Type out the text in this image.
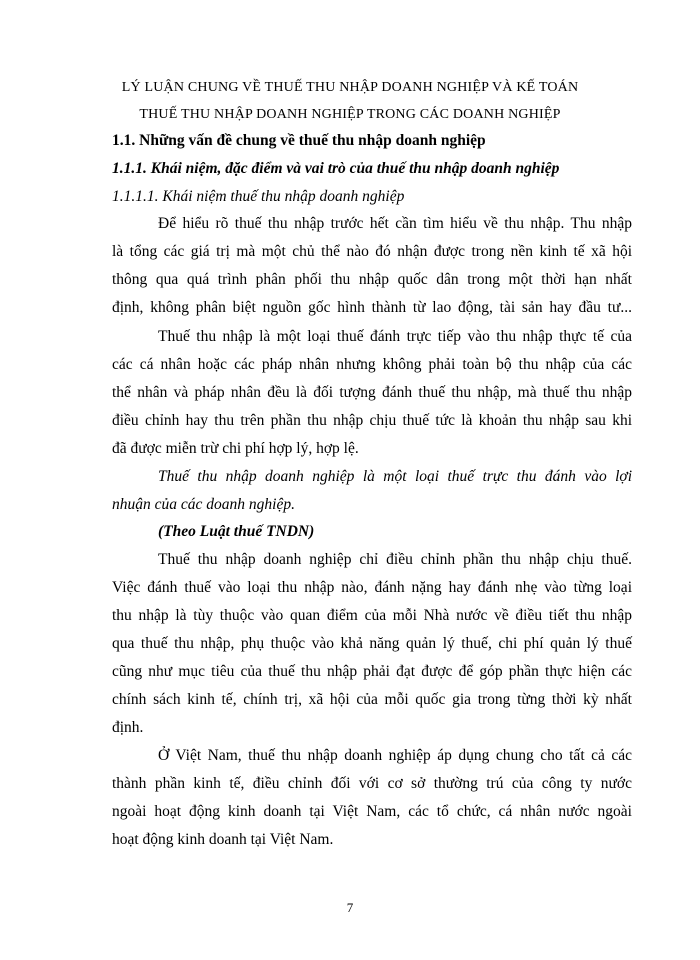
LÝ LUẬN CHUNG VỀ THUẾ THU NHẬP DOANH NGHIỆP VÀ KẾ TOÁN
THUẾ THU NHẬP DOANH NGHIỆP TRONG CÁC DOANH NGHIỆP
1.1. Những vấn đề chung về thuế thu nhập doanh nghiệp
1.1.1. Khái niệm, đặc điểm và vai trò của thuế thu nhập doanh nghiệp
1.1.1.1. Khái niệm thuế thu nhập doanh nghiệp
Để hiểu rõ thuế thu nhập trước hết cần tìm hiểu về thu nhập. Thu nhập
là tổng các giá trị mà một chủ thể nào đó nhận được trong nền kinh tế xã hội
thông qua quá trình phân phối thu nhập quốc dân trong một thời hạn nhất
định, không phân biệt nguồn gốc hình thành từ lao động, tài sản hay đầu tư...
Thuế thu nhập là một loại thuế đánh trực tiếp vào thu nhập thực tế của
các cá nhân hoặc các pháp nhân nhưng không phải toàn bộ thu nhập của các
thể nhân và pháp nhân đều là đối tượng đánh thuế thu nhập, mà thuế thu nhập
điều chỉnh hay thu trên phần thu nhập chịu thuế tức là khoản thu nhập sau khi
đã được miễn trừ chi phí hợp lý, hợp lệ.
Thuế thu nhập doanh nghiệp là một loại thuế trực thu đánh vào lợi
nhuận của các doanh nghiệp.
(Theo Luật thuế TNDN)
Thuế thu nhập doanh nghiệp chỉ điều chỉnh phần thu nhập chịu thuế.
Việc đánh thuế vào loại thu nhập nào, đánh nặng hay đánh nhẹ vào từng loại
thu nhập là tùy thuộc vào quan điểm của mỗi Nhà nước về điều tiết thu nhập
qua thuế thu nhập, phụ thuộc vào khả năng quản lý thuế, chi phí quản lý thuế
cũng như mục tiêu của thuế thu nhập phải đạt được để góp phần thực hiện các
chính sách kinh tế, chính trị, xã hội của mỗi quốc gia trong từng thời kỳ nhất
định.
Ở Việt Nam, thuế thu nhập doanh nghiệp áp dụng chung cho tất cả các
thành phần kinh tế, điều chỉnh đối với cơ sở thường trú của công ty nước
ngoài hoạt động kinh doanh tại Việt Nam, các tổ chức, cá nhân nước ngoài
hoạt động kinh doanh tại Việt Nam.
7
